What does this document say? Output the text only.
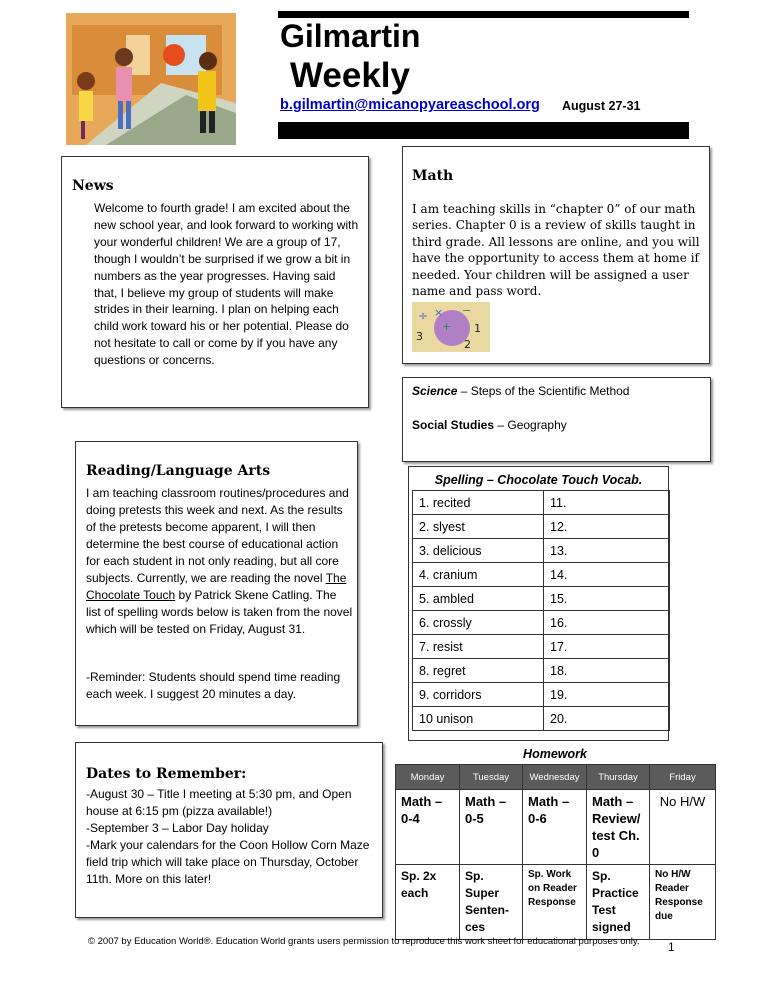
Gilmartin
Weekly
b.gilmartin@micanopyareaschool.org August 27-31
News

Welcome to fourth grade! I am excited about the new school year, and look forward to working with your wonderful children! We are a group of 17, though I wouldn’t be surprised if we grow a bit in numbers as the year progresses. Having said that, I believe my group of students will make strides in their learning. I plan on helping each child work toward his or her potential. Please do not hesitate to call or come by if you have any questions or concerns.

Math

I am teaching skills in “chapter 0” of our math series. Chapter 0 is a review of skills taught in third grade. All lessons are online, and you will have the opportunity to access them at home if needed. Your children will be assigned a user name and pass word.

÷ × −
+
3
1
2
Science – Steps of the Scientific Method
Social Studies – Geography
Reading/Language Arts

I am teaching classroom routines/procedures and doing pretests this week and next. As the results of the pretests become apparent, I will then determine the best course of educational action for each student in not only reading, but all core subjects. Currently, we are reading the novel The Chocolate Touch by Patrick Skene Catling. The list of spelling words below is taken from the novel which will be tested on Friday, August 31.

-Reminder: Students should spend time reading each week. I suggest 20 minutes a day.

Spelling – Chocolate Touch Vocab.
1. recited	11.
2. slyest	12.
3. delicious	13.
4. cranium	14.
5. ambled	15.
6. crossly	16.
7. resist	17.
8. regret	18.
9. corridors	19.
10 unison	20.
Dates to Remember:
-August 30 – Title I meeting at 5:30 pm, and Open house at 6:15 pm (pizza available!)
-September 3 – Labor Day holiday
-Mark your calendars for the Coon Hollow Corn Maze field trip which will take place on Thursday, October 11th. More on this later!
Homework
Monday	Tuesday	Wednesday	Thursday	Friday
Math – 0-4	Math – 0-5	Math – 0-6	Math – Review/ test Ch. 0	No H/W
Sp. 2x each	Sp. Super Senten-ces	Sp. Work on Reader Response	Sp. Practice Test signed	No H/W Reader Response due
© 2007 by Education World®. Education World grants users permission to reproduce this work sheet for educational purposes only. 1
